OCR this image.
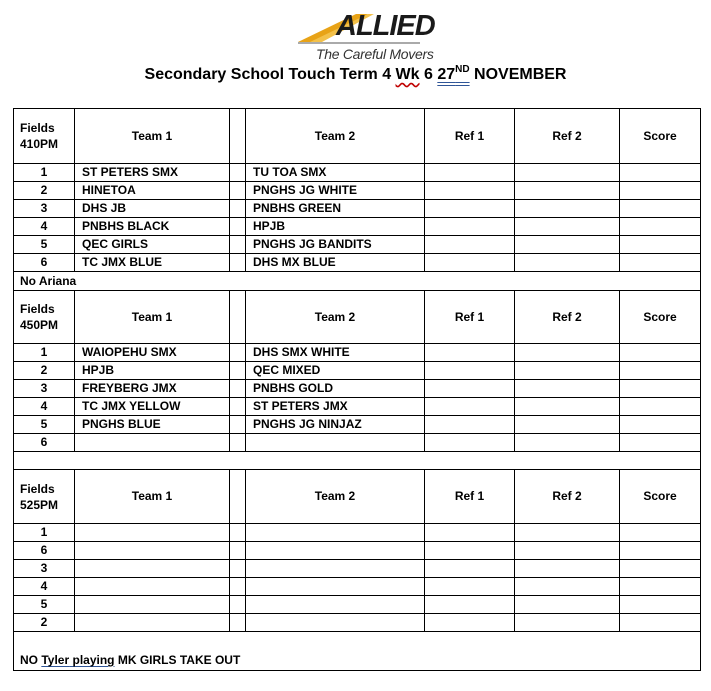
ALLIED
The Careful Movers
Secondary School Touch Term 4 Wk 6 27ND NOVEMBER
Fields
410PM	Team 1		Team 2	Ref 1	Ref 2	Score
1	ST PETERS SMX		TU TOA SMX			
2	HINETOA		PNGHS JG WHITE			
3	DHS JB		PNBHS GREEN			
4	PNBHS BLACK		HPJB			
5	QEC GIRLS		PNGHS JG BANDITS			
6	TC JMX BLUE		DHS MX BLUE			
No Ariana						
Fields
450PM	Team 1		Team 2	Ref 1	Ref 2	Score
1	WAIOPEHU SMX		DHS SMX WHITE			
2	HPJB		QEC MIXED			
3	FREYBERG JMX		PNBHS GOLD			
4	TC JMX YELLOW		ST PETERS JMX			
5	PNGHS BLUE		PNGHS JG NINJAZ			
6						

Fields
525PM	Team 1		Team 2	Ref 1	Ref 2	Score
1						
6						
3						
4						
5						
2						
NO Tyler playing MK GIRLS TAKE OUT						
